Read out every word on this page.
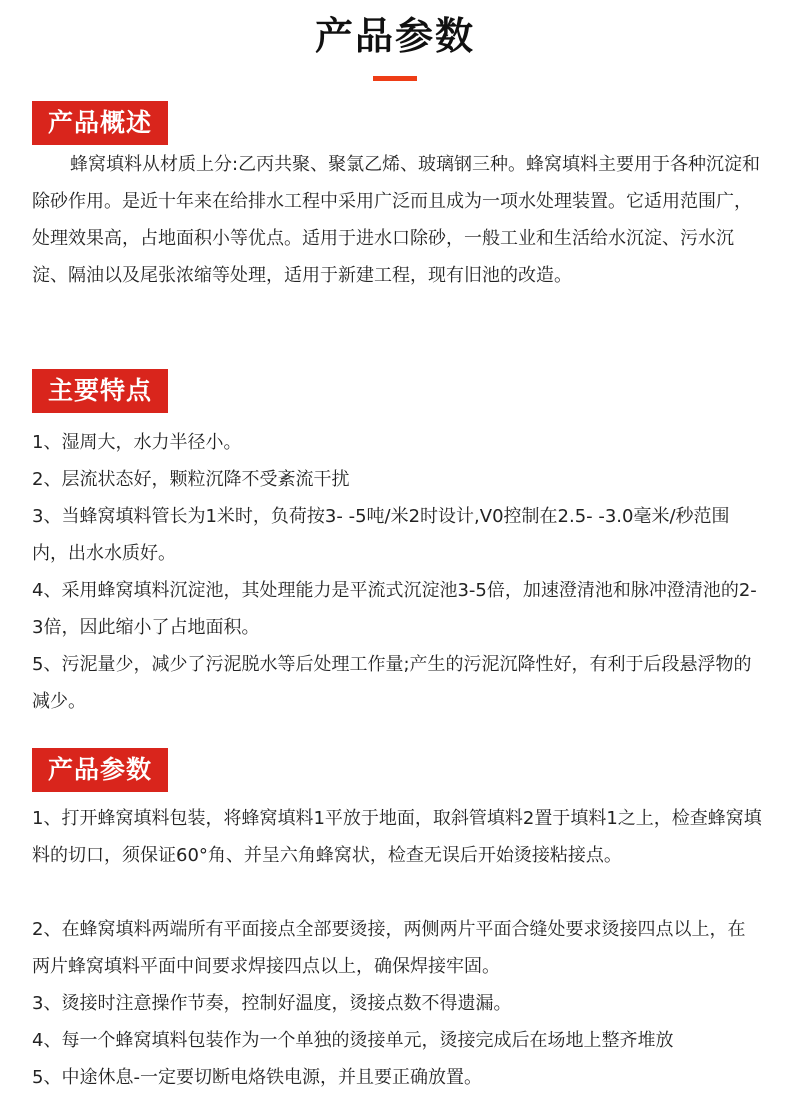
产品参数
产品概述

蜂窝填料从材质上分:乙丙共聚、聚氯乙烯、玻璃钢三种。蜂窝填料主要用于各种沉淀和除砂作用。是近十年来在给排水工程中采用广泛而且成为一项水处理装置。它适用范围广，处理效果高，占地面积小等优点。适用于进水口除砂，一般工业和生活给水沉淀、污水沉淀、隔油以及尾张浓缩等处理，适用于新建工程，现有旧池的改造。

主要特点

1、湿周大，水力半径小。

2、层流状态好，颗粒沉降不受紊流干扰

3、当蜂窝填料管长为1米时，负荷按3- -5吨/米2时设计,V0控制在2.5- -3.0毫米/秒范围内，出水水质好。

4、采用蜂窝填料沉淀池，其处理能力是平流式沉淀池3-5倍，加速澄清池和脉冲澄清池的2-3倍，因此缩小了占地面积。

5、污泥量少，减少了污泥脱水等后处理工作量;产生的污泥沉降性好，有利于后段悬浮物的减少。

产品参数

1、打开蜂窝填料包装，将蜂窝填料1平放于地面，取斜管填料2置于填料1之上，检查蜂窝填料的切口，须保证60°角、并呈六角蜂窝状，检查无误后开始烫接粘接点。

2、在蜂窝填料两端所有平面接点全部要烫接，两侧两片平面合缝处要求烫接四点以上，在两片蜂窝填料平面中间要求焊接四点以上，确保焊接牢固。

3、烫接时注意操作节奏，控制好温度，烫接点数不得遗漏。

4、每一个蜂窝填料包装作为一个单独的烫接单元，烫接完成后在场地上整齐堆放

5、中途休息-一定要切断电烙铁电源，并且要正确放置。
